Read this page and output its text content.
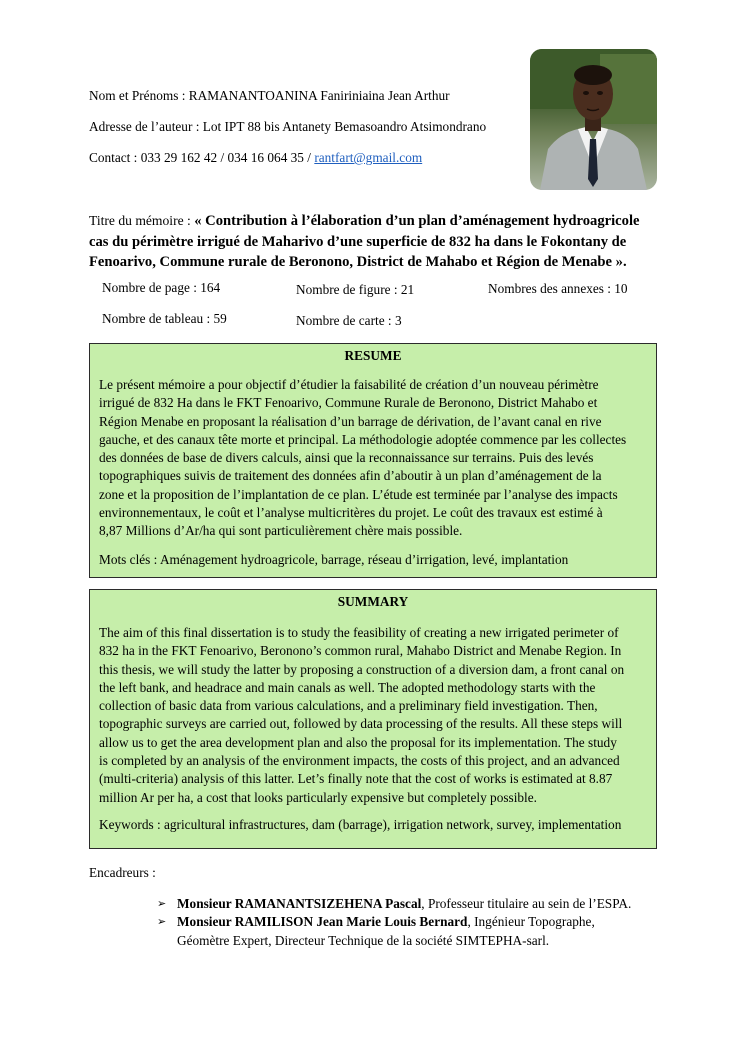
Nom et Prénoms : RAMANANTOANINA Faniriniaina Jean Arthur
Adresse de l’auteur : Lot IPT 88 bis Antanety Bemasoandro Atsimondrano
Contact : 033 29 162 42 / 034 16 064 35 / rantfart@gmail.com
Titre du mémoire : « Contribution à l’élaboration d’un plan d’aménagement hydroagricole cas du périmètre irrigué de Maharivo d’une superficie de 832 ha dans le Fokontany de Fenoarivo, Commune rurale de Beronono, District de Mahabo et Région de Menabe ».
Nombre de page : 164	Nombre de figure : 21	Nombres des annexes : 10
Nombre de tableau : 59	Nombre de carte : 3
RESUME
Le présent mémoire a pour objectif d’étudier la faisabilité de création d’un nouveau périmètre
irrigué de 832 Ha dans le FKT Fenoarivo, Commune Rurale de Beronono, District Mahabo et
Région Menabe en proposant la réalisation d’un barrage de dérivation, de l’avant canal en rive
gauche, et des canaux tête morte et principal. La méthodologie adoptée commence par les collectes
des données de base de divers calculs, ainsi que la reconnaissance sur terrains. Puis des levés
topographiques suivis de traitement des données afin d’aboutir à un plan d’aménagement de la
zone et la proposition de l’implantation de ce plan. L’étude est terminée par l’analyse des impacts
environnementaux, le coût et l’analyse multicritères du projet. Le coût des travaux est estimé à
8,87 Millions d’Ar/ha qui sont particulièrement chère mais possible.
Mots clés : Aménagement hydroagricole, barrage, réseau d’irrigation, levé, implantation
SUMMARY
The aim of this final dissertation is to study the feasibility of creating a new irrigated perimeter of
832 ha in the FKT Fenoarivo, Beronono’s common rural, Mahabo District and Menabe Region. In
this thesis, we will study the latter by proposing a construction of a diversion dam, a front canal on
the left bank, and headrace and main canals as well. The adopted methodology starts with the
collection of basic data from various calculations, and a preliminary field investigation. Then,
topographic surveys are carried out, followed by data processing of the results. All these steps will
allow us to get the area development plan and also the proposal for its implementation. The study
is completed by an analysis of the environment impacts, the costs of this project, and an advanced
(multi-criteria) analysis of this latter. Let’s finally note that the cost of works is estimated at 8.87
million Ar per ha, a cost that looks particularly expensive but completely possible.
Keywords : agricultural infrastructures, dam (barrage), irrigation network, survey, implementation
Encadreurs :
➢ Monsieur RAMANANTSIZEHENA Pascal, Professeur titulaire au sein de l’ESPA.
➢ Monsieur RAMILISON Jean Marie Louis Bernard, Ingénieur Topographe,
Géomètre Expert, Directeur Technique de la société SIMTEPHA-sarl.
